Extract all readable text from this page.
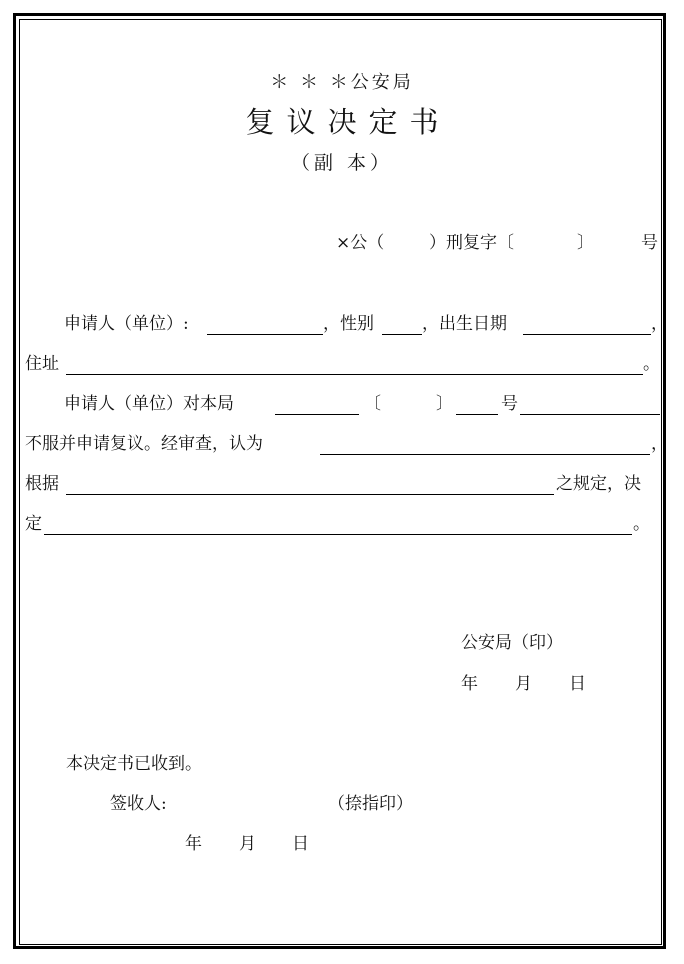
＊ ＊ ＊公安局
复议决定书
（副 本）
×公（	）刑复字〔	〕	号
申请人（单位）:	，性别	，出生日期	，
住址	。
申请人（单位）对本局	〔	〕	号
不服并申请复议。经审查，认为	，
根据	之规定，决
定	。
公安局（印）
年 月 日
本决定书已收到。
签收人:	（捺指印）
年 月 日
